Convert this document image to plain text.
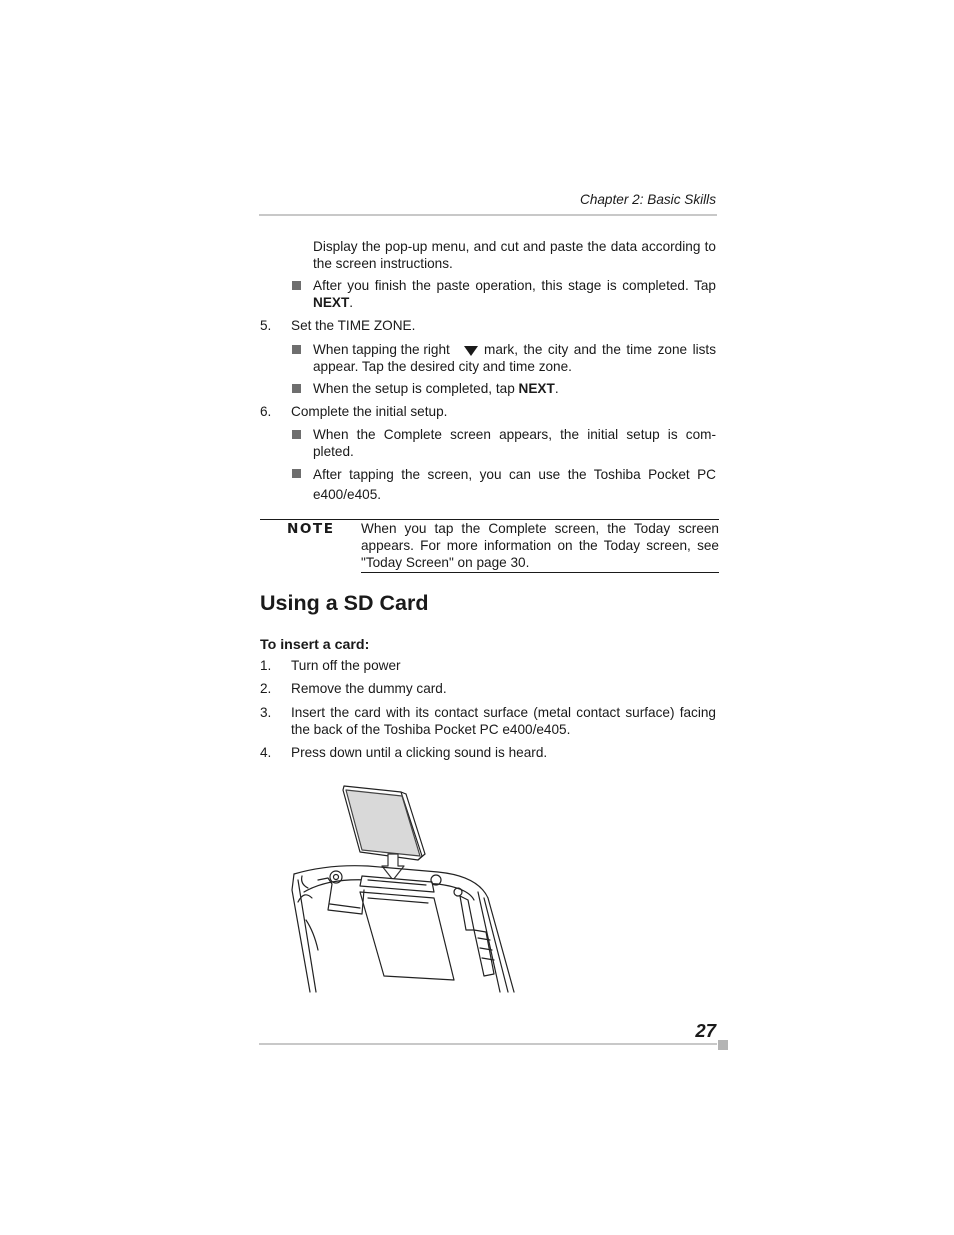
Chapter 2: Basic Skills
Display the pop-up menu, and cut and paste the data according to the screen instructions.
After you finish the paste operation, this stage is completed. Tap NEXT.
5.	Set the TIME ZONE.
When tapping the right	mark, the city and the time zone lists appear. Tap the desired city and time zone.
When the setup is completed, tap NEXT.
6.	Complete the initial setup.
When the Complete screen appears, the initial setup is com-pleted.
After tapping the screen, you can use the Toshiba Pocket PC e400/e405.
NOTE When you tap the Complete screen, the Today screen appears. For more information on the Today screen, see "Today Screen" on page 30.
Using a SD Card
To insert a card:
1.	Turn off the power
2.	Remove the dummy card.
3.	Insert the card with its contact surface (metal contact surface) facing the back of the Toshiba Pocket PC e400/e405.
4.	Press down until a clicking sound is heard.
27
